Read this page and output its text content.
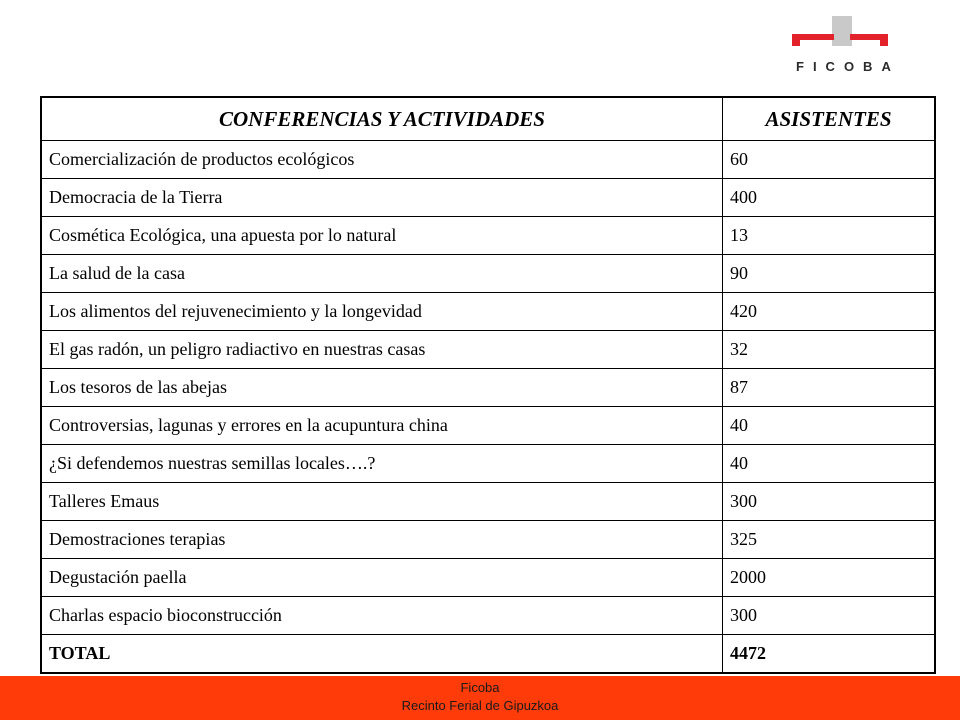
FICOBA
CONFERENCIAS Y ACTIVIDADES	ASISTENTES
Comercialización de productos ecológicos	60
Democracia de la Tierra	400
Cosmética Ecológica, una apuesta por lo natural	13
La salud de la casa	90
Los alimentos del rejuvenecimiento y la longevidad	420
El gas radón, un peligro radiactivo en nuestras casas	32
Los tesoros de las abejas	87
Controversias, lagunas y errores en la acupuntura china	40
¿Si defendemos nuestras semillas locales….?	40
Talleres Emaus	300
Demostraciones terapias	325
Degustación paella	2000
Charlas espacio bioconstrucción	300
TOTAL	4472
Ficoba
Recinto Ferial de Gipuzkoa
